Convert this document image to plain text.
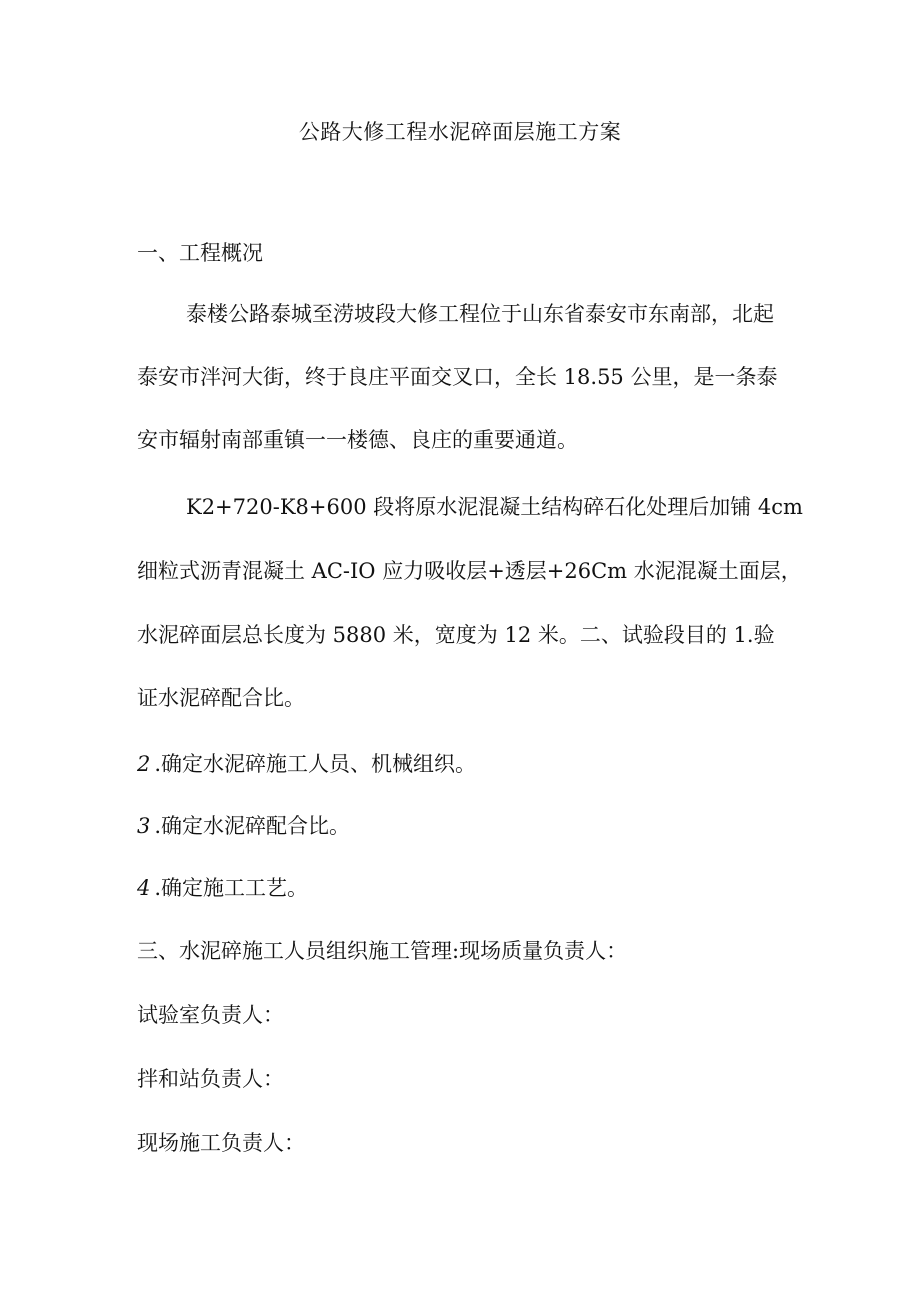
公路大修工程水泥碎面层施工方案
一、工程概况
泰楼公路泰城至涝坡段大修工程位于山东省泰安市东南部，北起
泰安市泮河大街，终于良庄平面交叉口，全长 18.55 公里，是一条泰
安市辐射南部重镇一一楼德、良庄的重要通道。
K2+720-K8+600 段将原水泥混凝土结构碎石化处理后加铺 4cm
细粒式沥青混凝土 AC-IO 应力吸收层+透层+26Cm 水泥混凝土面层，
水泥碎面层总长度为 5880 米，宽度为 12 米。二、试验段目的 1.验
证水泥碎配合比。
2.确定水泥碎施工人员、机械组织。
3.确定水泥碎配合比。
4.确定施工工艺。
三、水泥碎施工人员组织施工管理:现场质量负责人：
试验室负责人：
拌和站负责人：
现场施工负责人：
